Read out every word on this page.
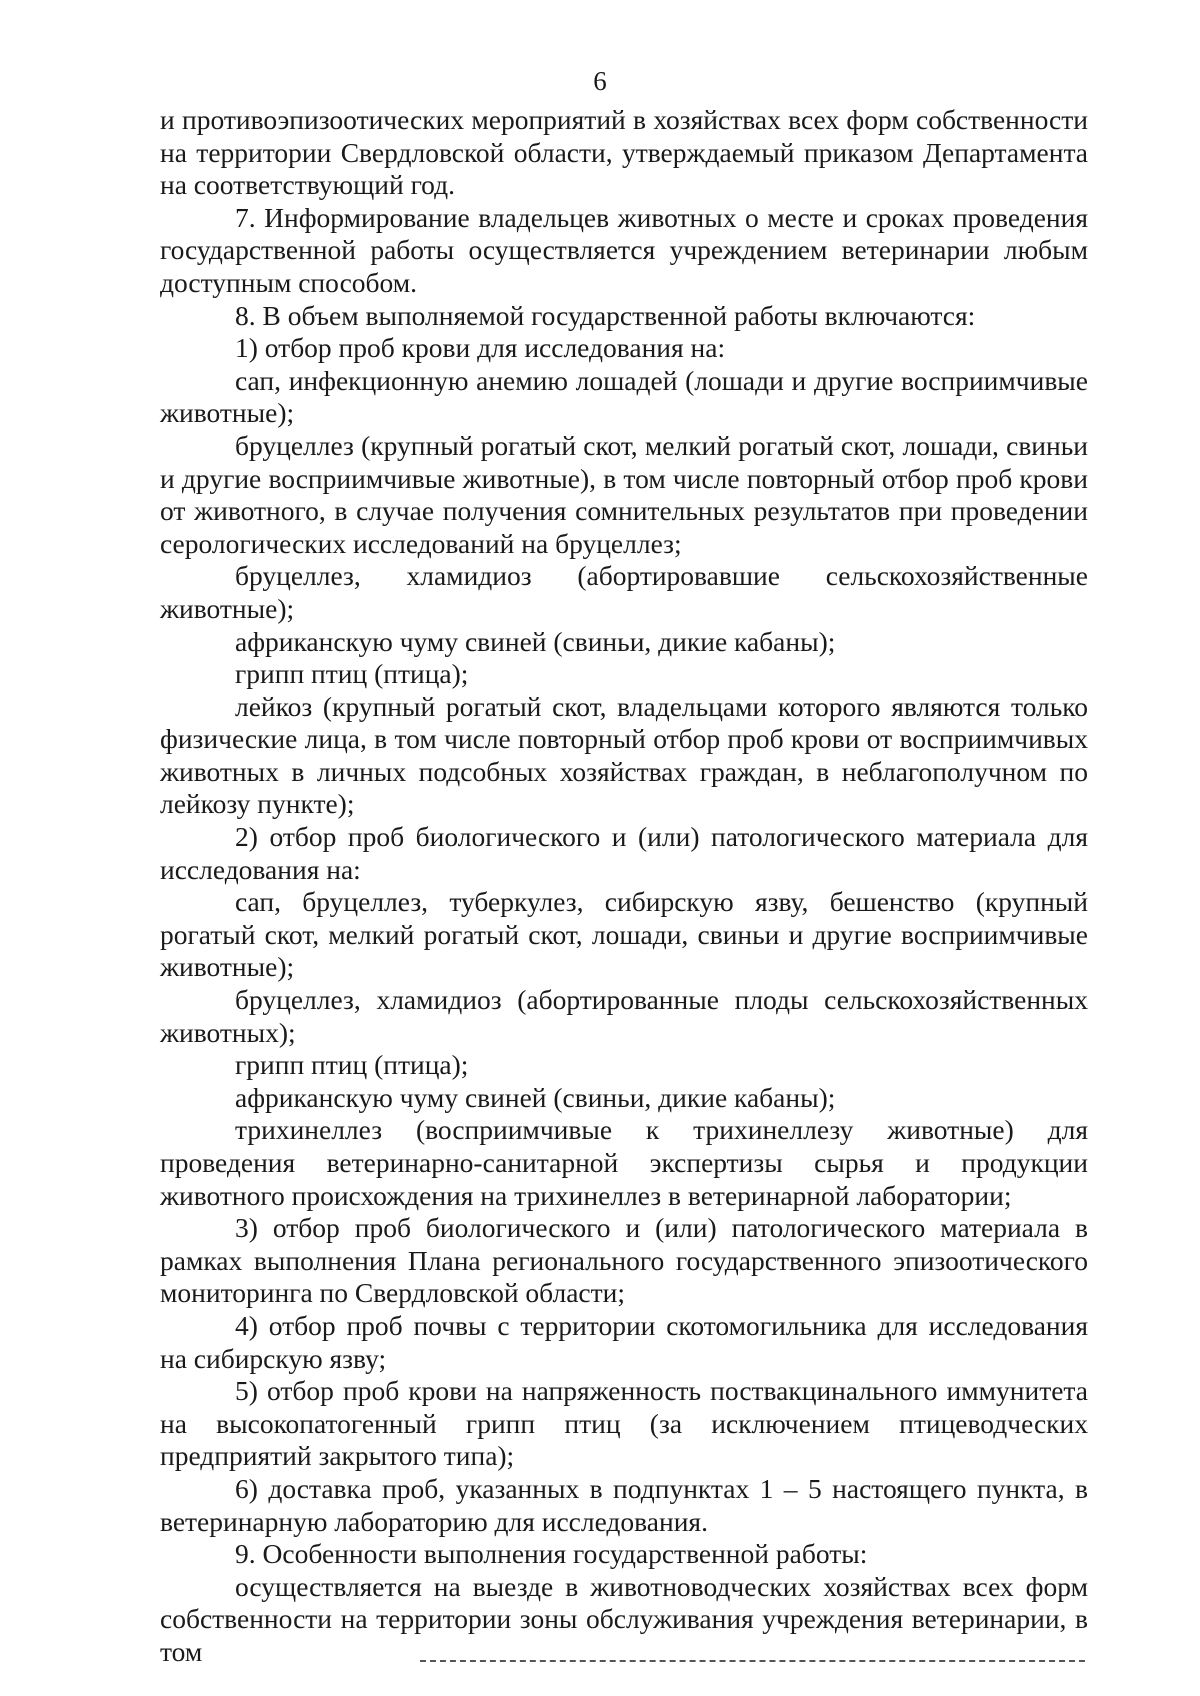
6

и противоэпизоотических мероприятий в хозяйствах всех форм собственности на территории Свердловской области, утверждаемый приказом Департамента на соответствующий год.

7. Информирование владельцев животных о месте и сроках проведения государственной работы осуществляется учреждением ветеринарии любым доступным способом.

8. В объем выполняемой государственной работы включаются:

1) отбор проб крови для исследования на:

сап, инфекционную анемию лошадей (лошади и другие восприимчивые животные);

бруцеллез (крупный рогатый скот, мелкий рогатый скот, лошади, свиньи и другие восприимчивые животные), в том числе повторный отбор проб крови от животного, в случае получения сомнительных результатов при проведении серологических исследований на бруцеллез;

бруцеллез, хламидиоз (абортировавшие сельскохозяйственные животные);

африканскую чуму свиней (свиньи, дикие кабаны);

грипп птиц (птица);

лейкоз (крупный рогатый скот, владельцами которого являются только физические лица, в том числе повторный отбор проб крови от восприимчивых животных в личных подсобных хозяйствах граждан, в неблагополучном по лейкозу пункте);

2) отбор проб биологического и (или) патологического материала для исследования на:

сап, бруцеллез, туберкулез, сибирскую язву, бешенство (крупный рогатый скот, мелкий рогатый скот, лошади, свиньи и другие восприимчивые животные);

бруцеллез, хламидиоз (абортированные плоды сельскохозяйственных животных);

грипп птиц (птица);

африканскую чуму свиней (свиньи, дикие кабаны);

трихинеллез (восприимчивые к трихинеллезу животные) для проведения ветеринарно-санитарной экспертизы сырья и продукции животного происхождения на трихинеллез в ветеринарной лаборатории;

3) отбор проб биологического и (или) патологического материала в рамках выполнения Плана регионального государственного эпизоотического мониторинга по Свердловской области;

4) отбор проб почвы с территории скотомогильника для исследования на сибирскую язву;

5) отбор проб крови на напряженность поствакцинального иммунитета на высокопатогенный грипп птиц (за исключением птицеводческих предприятий закрытого типа);

6) доставка проб, указанных в подпунктах 1 – 5 настоящего пункта, в ветеринарную лабораторию для исследования.

9. Особенности выполнения государственной работы:

осуществляется на выезде в животноводческих хозяйствах всех форм собственности на территории зоны обслуживания учреждения ветеринарии, в том
